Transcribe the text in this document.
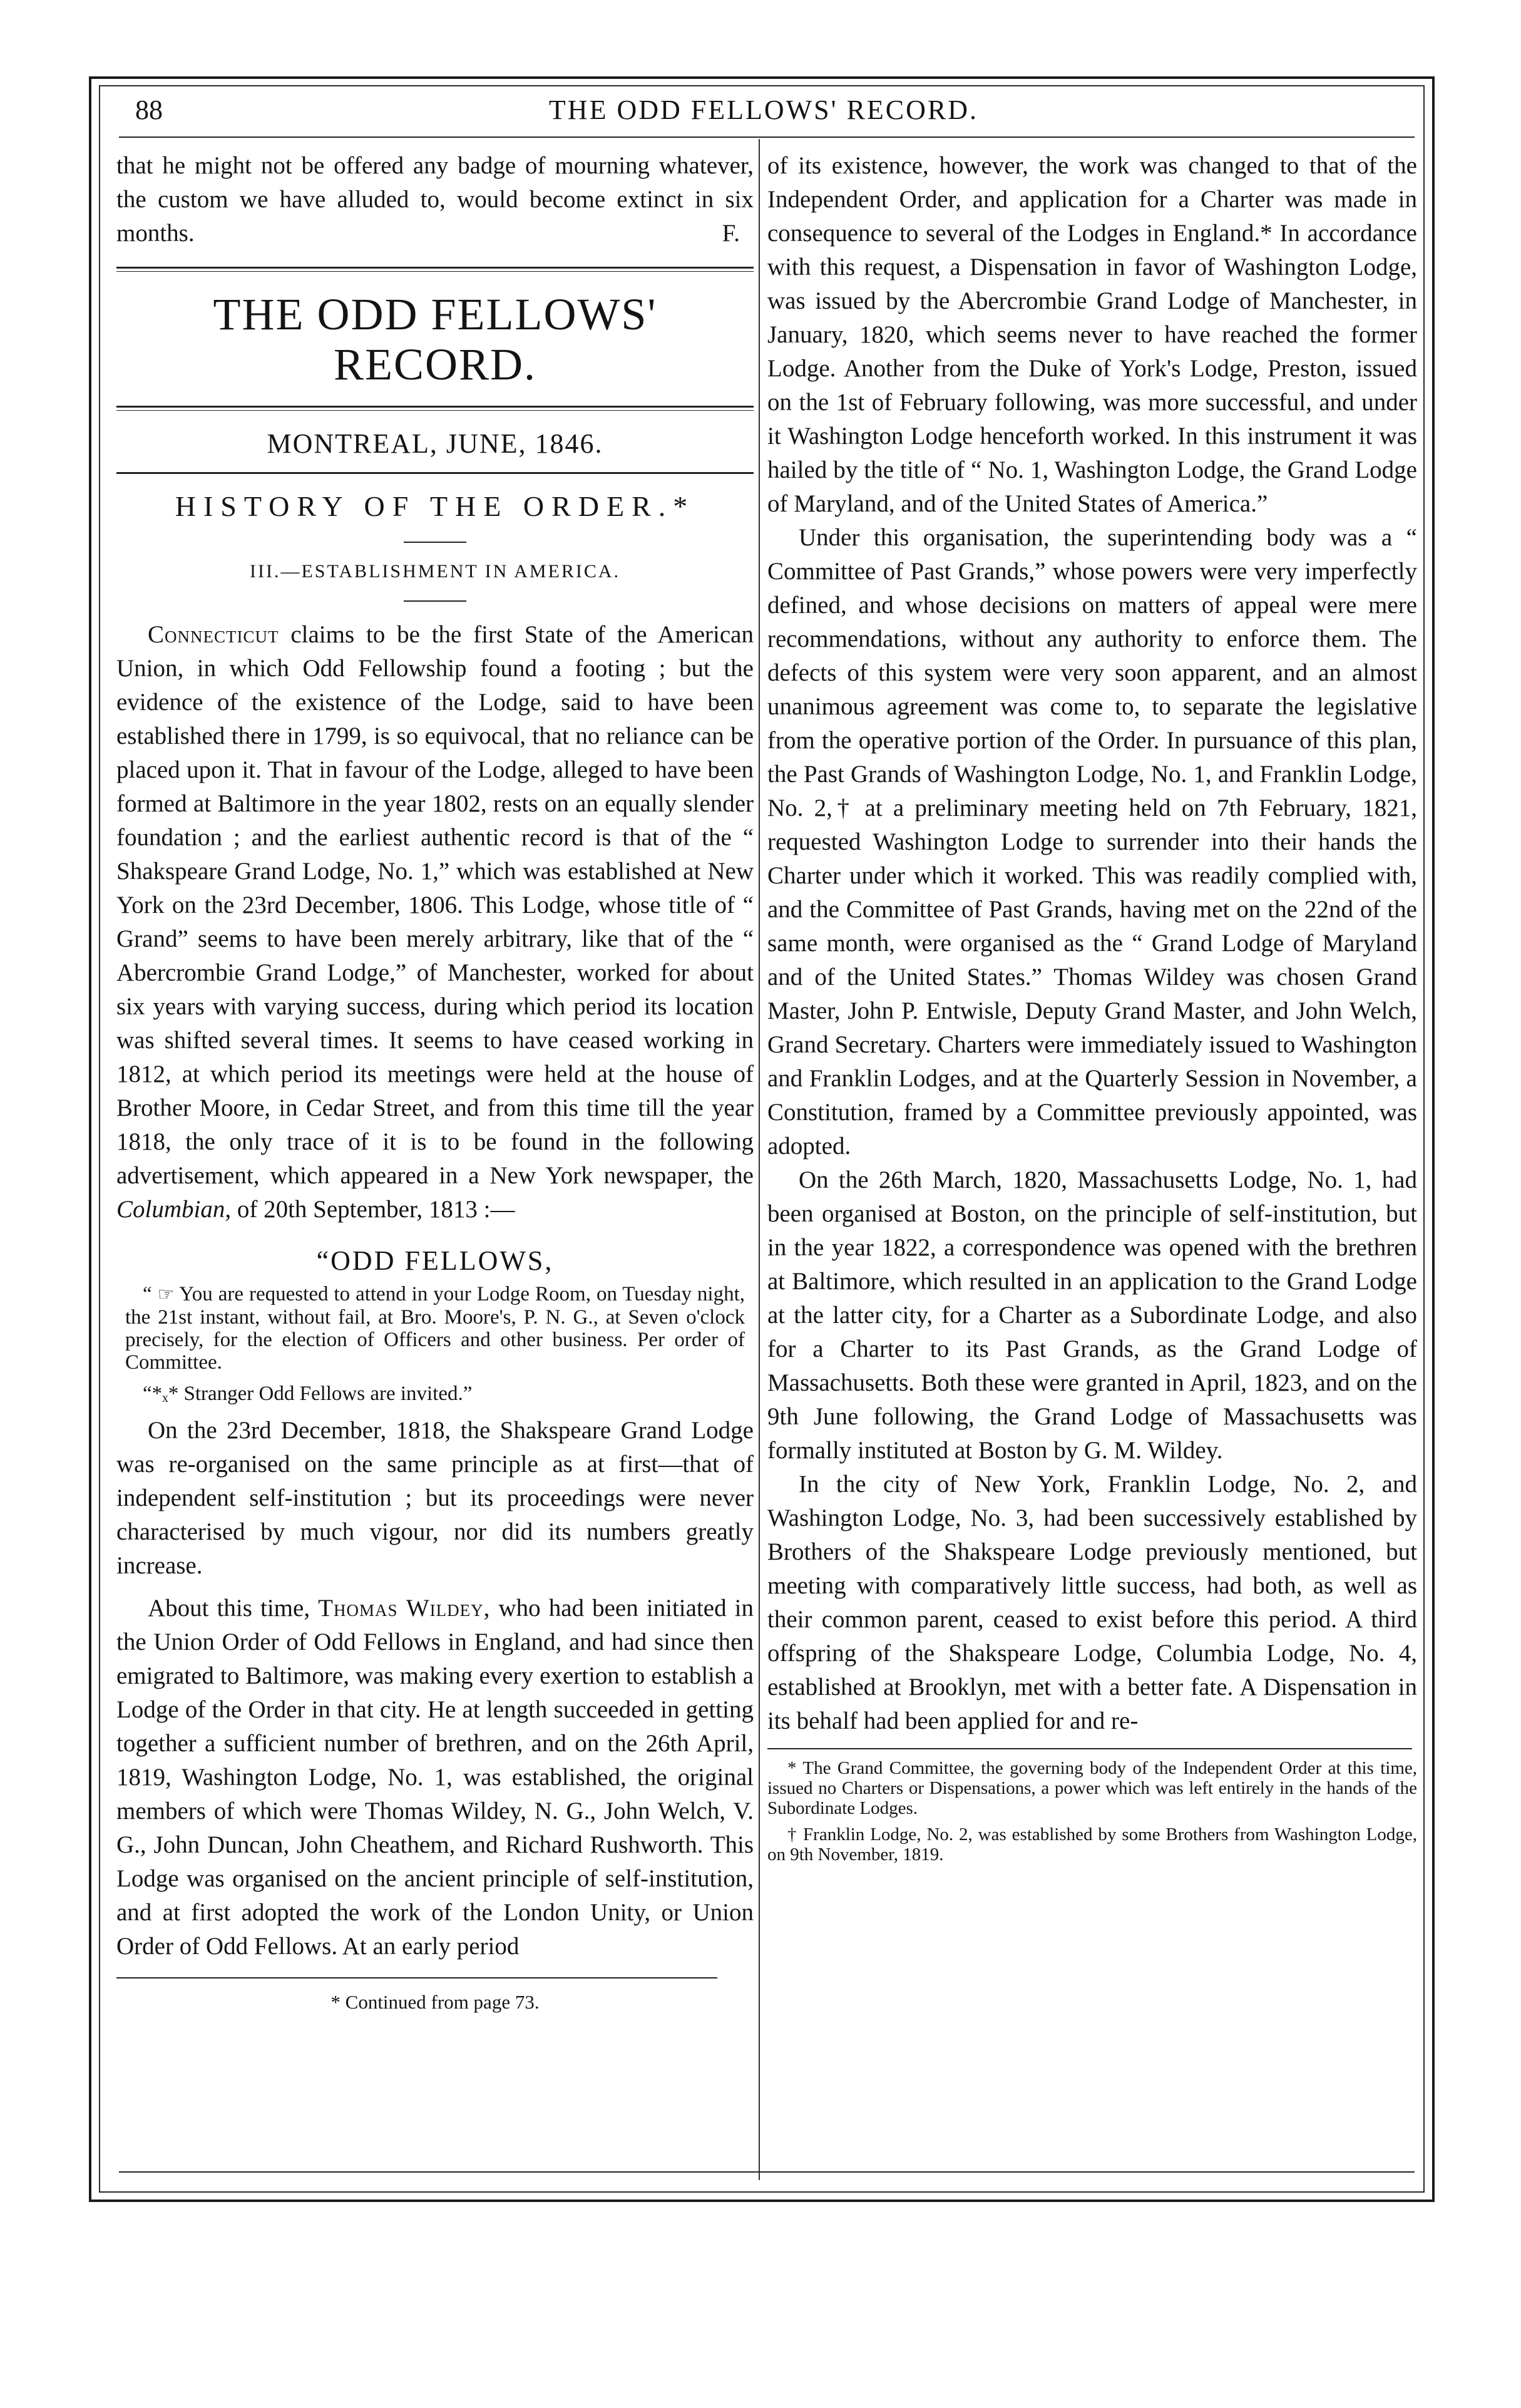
88	THE ODD FELLOWS' RECORD.

that he might not be offered any badge of mourning whatever, the custom we have alluded to, would become extinct in six months.	F.

THE ODD FELLOWS' RECORD.
MONTREAL, JUNE, 1846.
HISTORY OF THE ORDER.*
III.—ESTABLISHMENT IN AMERICA.

Connecticut claims to be the first State of the American Union, in which Odd Fellowship found a footing ; but the evidence of the existence of the Lodge, said to have been established there in 1799, is so equivocal, that no reliance can be placed upon it. That in favour of the Lodge, alleged to have been formed at Baltimore in the year 1802, rests on an equally slender foundation ; and the earliest authentic record is that of the “ Shakspeare Grand Lodge, No. 1,” which was established at New York on the 23rd December, 1806. This Lodge, whose title of “ Grand” seems to have been merely arbitrary, like that of the “ Abercrombie Grand Lodge,” of Manchester, worked for about six years with varying success, during which period its location was shifted several times. It seems to have ceased working in 1812, at which period its meetings were held at the house of Brother Moore, in Cedar Street, and from this time till the year 1818, the only trace of it is to be found in the following advertisement, which appeared in a New York newspaper, the Columbian, of 20th September, 1813 :—

“ODD FELLOWS,

“ ☞ You are requested to attend in your Lodge Room, on Tuesday night, the 21st instant, without fail, at Bro. Moore's, P. N. G., at Seven o'clock precisely, for the election of Officers and other business. Per order of Committee.

“*ₓ* Stranger Odd Fellows are invited.”

On the 23rd December, 1818, the Shakspeare Grand Lodge was re-organised on the same principle as at first—that of independent self-institution ; but its proceedings were never characterised by much vigour, nor did its numbers greatly increase.

About this time, Thomas Wildey, who had been initiated in the Union Order of Odd Fellows in England, and had since then emigrated to Baltimore, was making every exertion to establish a Lodge of the Order in that city. He at length succeeded in getting together a sufficient number of brethren, and on the 26th April, 1819, Washington Lodge, No. 1, was established, the original members of which were Thomas Wildey, N. G., John Welch, V. G., John Duncan, John Cheathem, and Richard Rushworth. This Lodge was organised on the ancient principle of self-institution, and at first adopted the work of the London Unity, or Union Order of Odd Fellows. At an early period

* Continued from page 73.

of its existence, however, the work was changed to that of the Independent Order, and application for a Charter was made in consequence to several of the Lodges in England.* In accordance with this request, a Dispensation in favor of Washington Lodge, was issued by the Abercrombie Grand Lodge of Manchester, in January, 1820, which seems never to have reached the former Lodge. Another from the Duke of York's Lodge, Preston, issued on the 1st of February following, was more successful, and under it Washington Lodge henceforth worked. In this instrument it was hailed by the title of “ No. 1, Washington Lodge, the Grand Lodge of Maryland, and of the United States of America.”

Under this organisation, the superintending body was a “ Committee of Past Grands,” whose powers were very imperfectly defined, and whose decisions on matters of appeal were mere recommendations, without any authority to enforce them. The defects of this system were very soon apparent, and an almost unanimous agreement was come to, to separate the legislative from the operative portion of the Order. In pursuance of this plan, the Past Grands of Washington Lodge, No. 1, and Franklin Lodge, No. 2,† at a preliminary meeting held on 7th February, 1821, requested Washington Lodge to surrender into their hands the Charter under which it worked. This was readily complied with, and the Committee of Past Grands, having met on the 22nd of the same month, were organised as the “ Grand Lodge of Maryland and of the United States.” Thomas Wildey was chosen Grand Master, John P. Entwisle, Deputy Grand Master, and John Welch, Grand Secretary. Charters were immediately issued to Washington and Franklin Lodges, and at the Quarterly Session in November, a Constitution, framed by a Committee previously appointed, was adopted.

On the 26th March, 1820, Massachusetts Lodge, No. 1, had been organised at Boston, on the principle of self-institution, but in the year 1822, a correspondence was opened with the brethren at Baltimore, which resulted in an application to the Grand Lodge at the latter city, for a Charter as a Subordinate Lodge, and also for a Charter to its Past Grands, as the Grand Lodge of Massachusetts. Both these were granted in April, 1823, and on the 9th June following, the Grand Lodge of Massachusetts was formally instituted at Boston by G. M. Wildey.

In the city of New York, Franklin Lodge, No. 2, and Washington Lodge, No. 3, had been successively established by Brothers of the Shakspeare Lodge previously mentioned, but meeting with comparatively little success, had both, as well as their common parent, ceased to exist before this period. A third offspring of the Shakspeare Lodge, Columbia Lodge, No. 4, established at Brooklyn, met with a better fate. A Dispensation in its behalf had been applied for and re-

* The Grand Committee, the governing body of the Independent Order at this time, issued no Charters or Dispensations, a power which was left entirely in the hands of the Subordinate Lodges.

† Franklin Lodge, No. 2, was established by some Brothers from Washington Lodge, on 9th November, 1819.
